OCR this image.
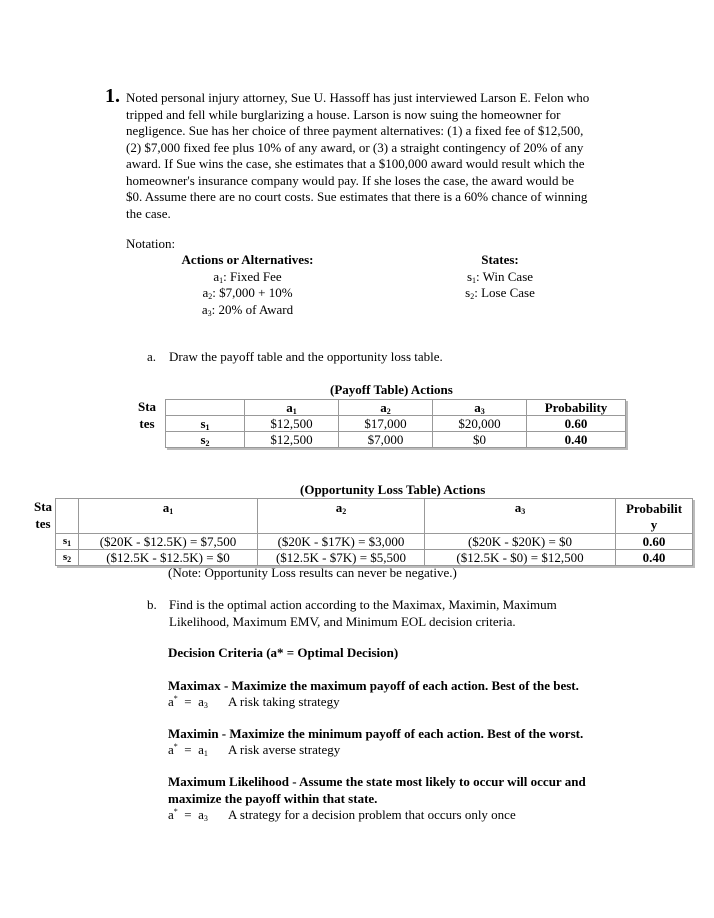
1. Noted personal injury attorney, Sue U. Hassoff has just interviewed Larson E. Felon who
tripped and fell while burglarizing a house. Larson is now suing the homeowner for
negligence. Sue has her choice of three payment alternatives: (1) a fixed fee of $12,500,
(2) $7,000 fixed fee plus 10% of any award, or (3) a straight contingency of 20% of any
award. If Sue wins the case, she estimates that a $100,000 award would result which the
homeowner's insurance company would pay. If she loses the case, the award would be
$0. Assume there are no court costs. Sue estimates that there is a 60% chance of winning
the case.
Notation:
Actions or Alternatives:
$a_1$: Fixed Fee
$a_2$: $7,000 + 10%
$a_3$: 20% of Award
States:
$s_1$: Win Case
$s_2$: Lose Case
a. Draw the payoff table and the opportunity loss table.
(Payoff Table) Actions
Sta
tes
	$a_1$	$a_2$	$a_3$	Probability
$s_1$	$12,500	$17,000	$20,000	0.60
$s_2$	$12,500	$7,000	$0	0.40
(Opportunity Loss Table) Actions
Sta
tes
	$a_1$	$a_2$	$a_3$	Probabilit
y

$s_1$	($20K - $12.5K) = $7,500	($20K - $17K) = $3,000	($20K - $20K) = $0	0.60
$s_2$	($12.5K - $12.5K) = $0	($12.5K - $7K) = $5,500	($12.5K - $0) = $12,500	0.40
(Note: Opportunity Loss results can never be negative.)
b. Find is the optimal action according to the Maximax, Maximin, Maximum
Likelihood, Maximum EMV, and Minimum EOL decision criteria.
Decision Criteria (a* = Optimal Decision)
Maximax - Maximize the maximum payoff of each action. Best of the best.
$a^* = a_3$ A risk taking strategy
Maximin - Maximize the minimum payoff of each action. Best of the worst.
$a^* = a_1$ A risk averse strategy
Maximum Likelihood - Assume the state most likely to occur will occur and
maximize the payoff within that state.
$a^* = a_3$ A strategy for a decision problem that occurs only once
